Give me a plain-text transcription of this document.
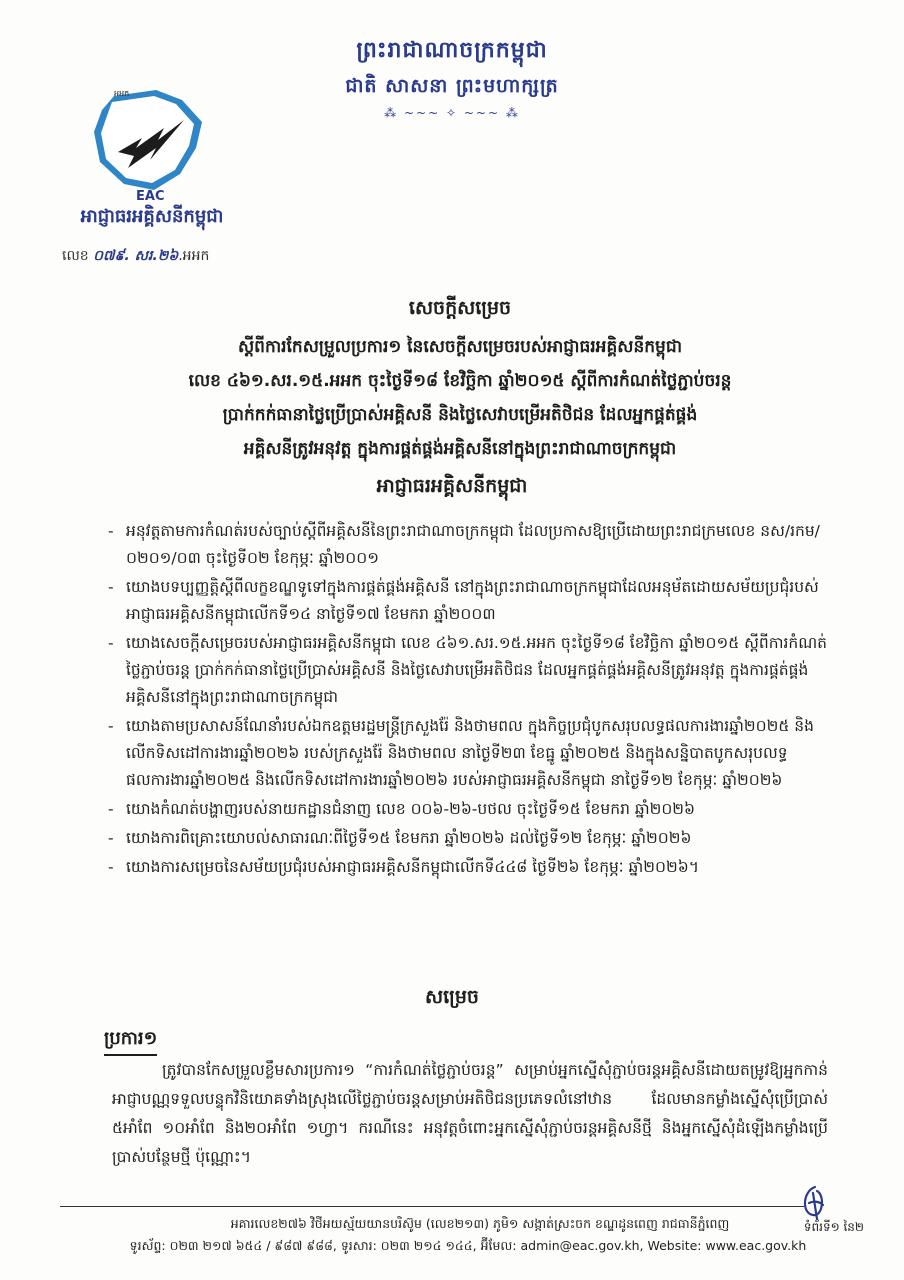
ព្រះរាជាណាចក្រកម្ពុជា
ជាតិ សាសនា ព្រះមហាក្សត្រ
⁂ ~~~ ✧ ~~~ ⁂
អអក
EAC
អាជ្ញាធរអគ្គិសនីកម្ពុជា
លេខ ០៧៩. សរ.២៦.អអក
សេចក្តីសម្រេច
ស្តីពីការកែសម្រួលប្រការ១ នៃសេចក្តីសម្រេចរបស់អាជ្ញាធរអគ្គិសនីកម្ពុជា
លេខ ៤៦១.សរ.១៥.អអក ចុះថ្ងៃទី១៨ ខែវិច្ឆិកា ឆ្នាំ២០១៥ ស្តីពីការកំណត់ថ្លៃភ្ជាប់ចរន្ត
ប្រាក់កក់ធានាថ្លៃប្រើប្រាស់អគ្គិសនី និងថ្លៃសេវាបម្រើអតិថិជន ដែលអ្នកផ្គត់ផ្គង់
អគ្គិសនីត្រូវអនុវត្ត ក្នុងការផ្គត់ផ្គង់អគ្គិសនីនៅក្នុងព្រះរាជាណាចក្រកម្ពុជា
អាជ្ញាធរអគ្គិសនីកម្ពុជា
- អនុវត្តតាមការកំណត់របស់ច្បាប់ស្តីពីអគ្គិសនីនៃព្រះរាជាណាចក្រកម្ពុជា ដែលប្រកាសឱ្យប្រើដោយព្រះរាជក្រមលេខ នស/រកម/០២០១/០៣ ចុះថ្ងៃទី០២ ខែកុម្ភៈ ឆ្នាំ២០០១
- យោងបទប្បញ្ញត្តិស្តីពីលក្ខខណ្ឌទូទៅក្នុងការផ្គត់ផ្គង់អគ្គិសនី នៅក្នុងព្រះរាជាណាចក្រកម្ពុជាដែលអនុម័តដោយសម័យប្រជុំរបស់អាជ្ញាធរអគ្គិសនីកម្ពុជាលើកទី១៤ នាថ្ងៃទី១៧ ខែមករា ឆ្នាំ២០០៣
- យោងសេចក្តីសម្រេចរបស់អាជ្ញាធរអគ្គិសនីកម្ពុជា លេខ ៤៦១.សរ.១៥.អអក ចុះថ្ងៃទី១៨ ខែវិច្ឆិកា ឆ្នាំ២០១៥ ស្តីពីការកំណត់ថ្លៃភ្ជាប់ចរន្ត ប្រាក់កក់ធានាថ្លៃប្រើប្រាស់អគ្គិសនី និងថ្លៃសេវាបម្រើអតិថិជន ដែលអ្នកផ្គត់ផ្គង់អគ្គិសនីត្រូវអនុវត្ត ក្នុងការផ្គត់ផ្គង់អគ្គិសនីនៅក្នុងព្រះរាជាណាចក្រកម្ពុជា
- យោងតាមប្រសាសន៍ណែនាំរបស់ឯកឧត្តមរដ្ឋមន្ត្រីក្រសួងរ៉ែ និងថាមពល ក្នុងកិច្ចប្រជុំបូកសរុបលទ្ធផលការងារឆ្នាំ២០២៥ និងលើកទិសដៅការងារឆ្នាំ២០២៦ របស់ក្រសួងរ៉ែ និងថាមពល នាថ្ងៃទី២៣ ខែធ្នូ ឆ្នាំ២០២៥ និងក្នុងសន្និបាតបូកសរុបលទ្ធផលការងារឆ្នាំ២០២៥ និងលើកទិសដៅការងារឆ្នាំ២០២៦ របស់អាជ្ញាធរអគ្គិសនីកម្ពុជា នាថ្ងៃទី១២ ខែកុម្ភៈ ឆ្នាំ២០២៦
- យោងកំណត់បង្ហាញរបស់នាយកដ្ឋានជំនាញ លេខ ០០៦-២៦-បថល ចុះថ្ងៃទី១៥ ខែមករា ឆ្នាំ២០២៦
- យោងការពិគ្រោះយោបល់សាធារណៈពីថ្ងៃទី១៥ ខែមករា ឆ្នាំ២០២៦ ដល់ថ្ងៃទី១២ ខែកុម្ភៈ ឆ្នាំ២០២៦
- យោងការសម្រេចនៃសម័យប្រជុំរបស់អាជ្ញាធរអគ្គិសនីកម្ពុជាលើកទី៤៤៨ ថ្ងៃទី២៦ ខែកុម្ភៈ ឆ្នាំ២០២៦។
សម្រេច
ប្រការ១
ត្រូវបានកែសម្រួលខ្លឹមសារប្រការ១ “ការកំណត់ថ្លៃភ្ជាប់ចរន្ត” សម្រាប់អ្នកស្នើសុំភ្ជាប់ចរន្តអគ្គិសនីដោយតម្រូវឱ្យអ្នកកាន់អាជ្ញាបណ្ណទទួលបន្ទុកវិនិយោគទាំងស្រុងលើថ្លៃភ្ជាប់ចរន្តសម្រាប់អតិថិជនប្រភេទលំនៅឋាន ដែលមានកម្លាំងស្នើសុំប្រើប្រាស់ ៥អាំពែ ១០អាំពែ និង២០អាំពែ ១ហ្វា។ ករណីនេះ អនុវត្តចំពោះអ្នកស្នើសុំភ្ជាប់ចរន្តអគ្គិសនីថ្មី និងអ្នកស្នើសុំដំឡើងកម្លាំងប្រើប្រាស់បន្ថែមថ្មី ប៉ុណ្ណោះ។
អគារលេខ២៧៦ វិថីអយស្ម័យយានបរិស៊ូម (លេខ២១៣) ភូមិ១ សង្កាត់ស្រះចក ខណ្ឌដូនពេញ រាជធានីភ្នំពេញ
ទូរស័ព្ទ: ០២៣ ២១៧ ៦៥៤ / ៩៨៧ ៩៨៨, ទូរសារ: ០២៣ ២១៤ ១៤៤, អ៊ីមែល: admin@eac.gov.kh, Website: www.eac.gov.kh
ទំព័រទី១ នៃ២
